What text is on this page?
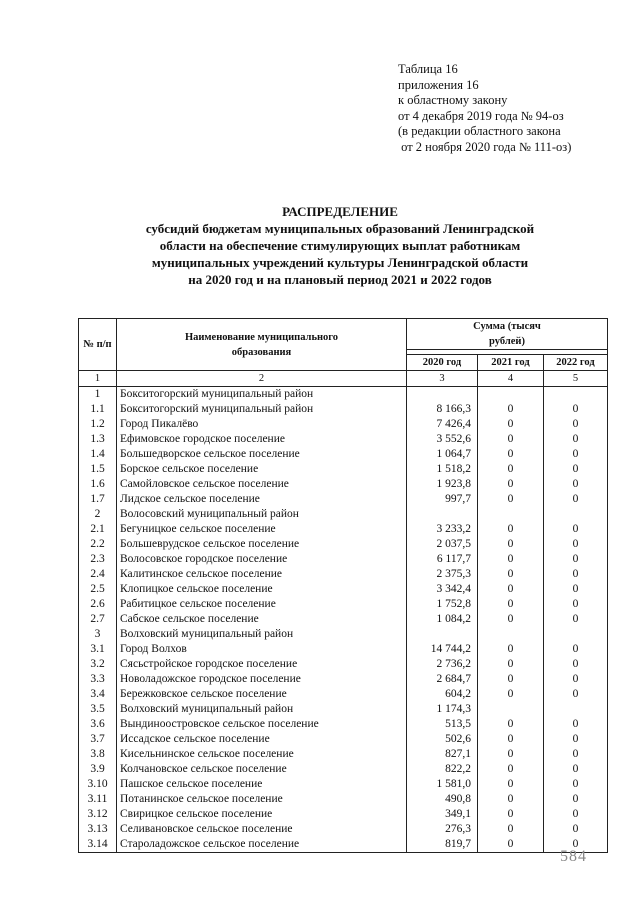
Таблица 16
приложения 16
к областному закону
от 4 декабря 2019 года № 94-оз
(в редакции областного закона
от 2 ноября 2020 года № 111-оз)
РАСПРЕДЕЛЕНИЕ
субсидий бюджетам муниципальных образований Ленинградской
области на обеспечение стимулирующих выплат работникам
муниципальных учреждений культуры Ленинградской области
на 2020 год и на плановый период 2021 и 2022 годов
№ п/п	Наименование муниципального образования	Сумма (тысяч рублей)		

		2020 год	2021 год	2022 год
1	2	3	4	5
1	Бокситогорский муниципальный район			
1.1	Бокситогорский муниципальный район	8 166,3	0	0
1.2	Город Пикалёво	7 426,4	0	0
1.3	Ефимовское городское поселение	3 552,6	0	0
1.4	Большедворское сельское поселение	1 064,7	0	0
1.5	Борское сельское поселение	1 518,2	0	0
1.6	Самойловское сельское поселение	1 923,8	0	0
1.7	Лидское сельское поселение	997,7	0	0
2	Волосовский муниципальный район			
2.1	Бегуницкое сельское поселение	3 233,2	0	0
2.2	Большеврудское сельское поселение	2 037,5	0	0
2.3	Волосовское городское поселение	6 117,7	0	0
2.4	Калитинское сельское поселение	2 375,3	0	0
2.5	Клопицкое сельское поселение	3 342,4	0	0
2.6	Рабитицкое сельское поселение	1 752,8	0	0
2.7	Сабское сельское поселение	1 084,2	0	0
3	Волховский муниципальный район			
3.1	Город Волхов	14 744,2	0	0
3.2	Сясьстройское городское поселение	2 736,2	0	0
3.3	Новоладожское городское поселение	2 684,7	0	0
3.4	Бережковское сельское поселение	604,2	0	0
3.5	Волховский муниципальный район	1 174,3		
3.6	Вындиноостровское сельское поселение	513,5	0	0
3.7	Иссадское сельское поселение	502,6	0	0
3.8	Кисельнинское сельское поселение	827,1	0	0
3.9	Колчановское сельское поселение	822,2	0	0
3.10	Пашское сельское поселение	1 581,0	0	0
3.11	Потанинское сельское поселение	490,8	0	0
3.12	Свирицкое сельское поселение	349,1	0	0
3.13	Селивановское сельское поселение	276,3	0	0
3.14	Староладожское сельское поселение	819,7	0	0
584
